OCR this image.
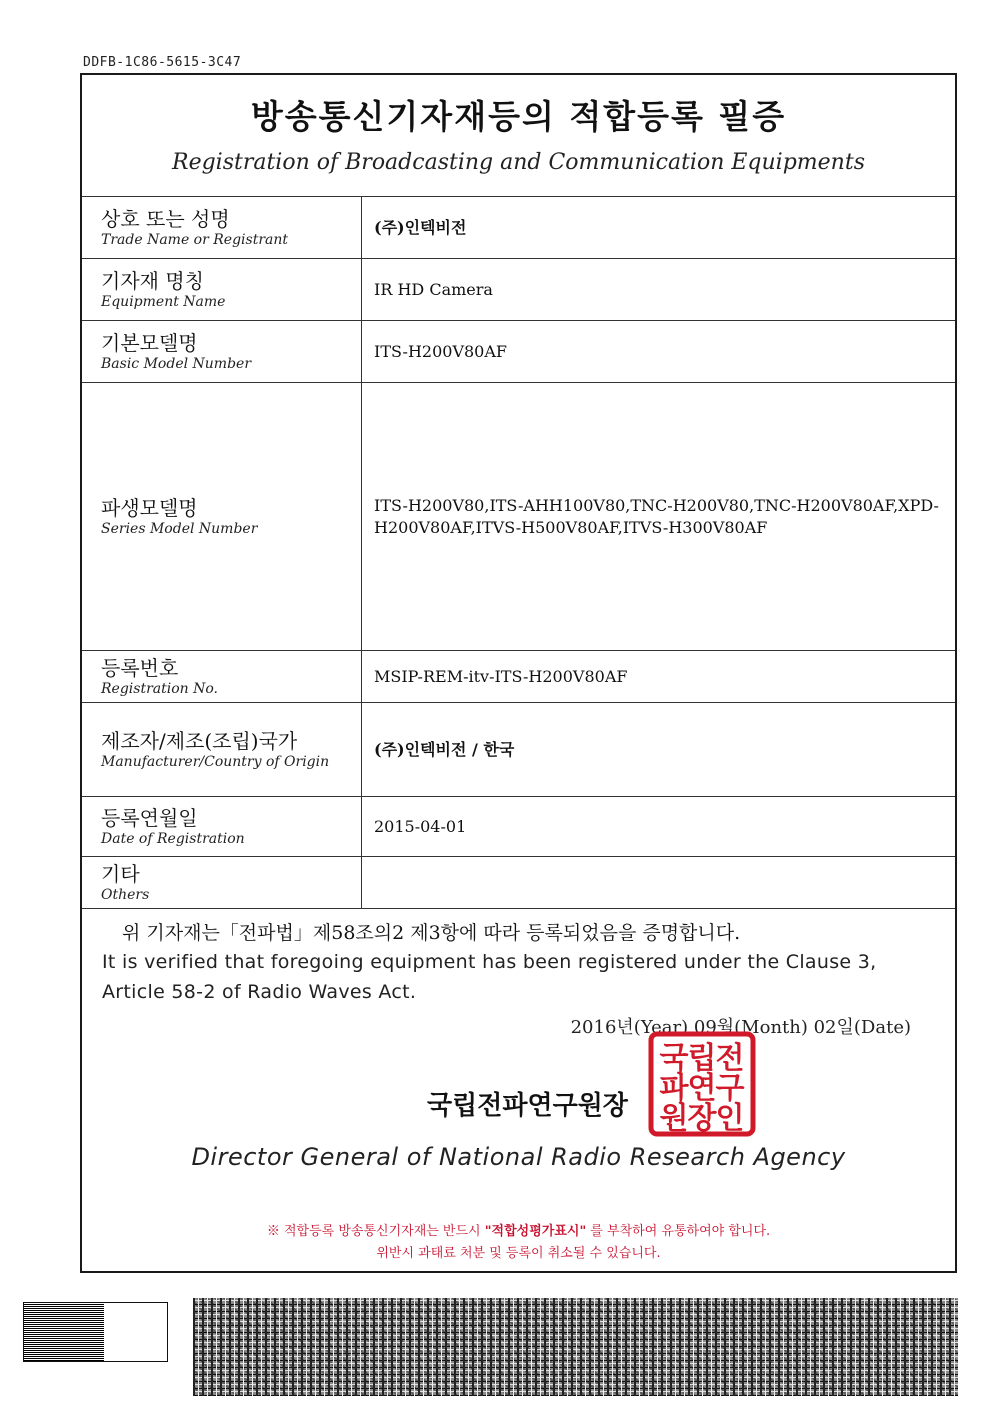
DDFB-1C86-5615-3C47
방송통신기자재등의 적합등록 필증
Registration of Broadcasting and Communication Equipments
상호 또는 성명
Trade Name or Registrant	(주)인텍비전

기자재 명칭
Equipment Name	IR HD Camera

기본모델명
Basic Model Number	ITS-H200V80AF

파생모델명
Series Model Number	ITS-H200V80,ITS-AHH100V80,TNC-H200V80,TNC-H200V80AF,XPD-H200V80AF,ITVS-H500V80AF,ITVS-H300V80AF

등록번호
Registration No.	MSIP-REM-itv-ITS-H200V80AF

제조자/제조(조립)국가
Manufacturer/Country of Origin	(주)인텍비전 / 한국

등록연월일
Date of Registration	2015-04-01

기타
Others	

위 기자재는「전파법」제58조의2 제3항에 따라 등록되었음을 증명합니다.
It is verified that foregoing equipment has been registered under the Clause 3, Article 58-2 of Radio Waves Act.
2016년(Year) 09월(Month) 02일(Date)
국립전파연구원장
전
구
인
립
연
장
국
파
원
Director General of National Radio Research Agency
※ 적합등록 방송통신기자재는 반드시 "적합성평가표시" 를 부착하여 유통하여야 합니다.
위반시 과태료 처분 및 등록이 취소될 수 있습니다.
